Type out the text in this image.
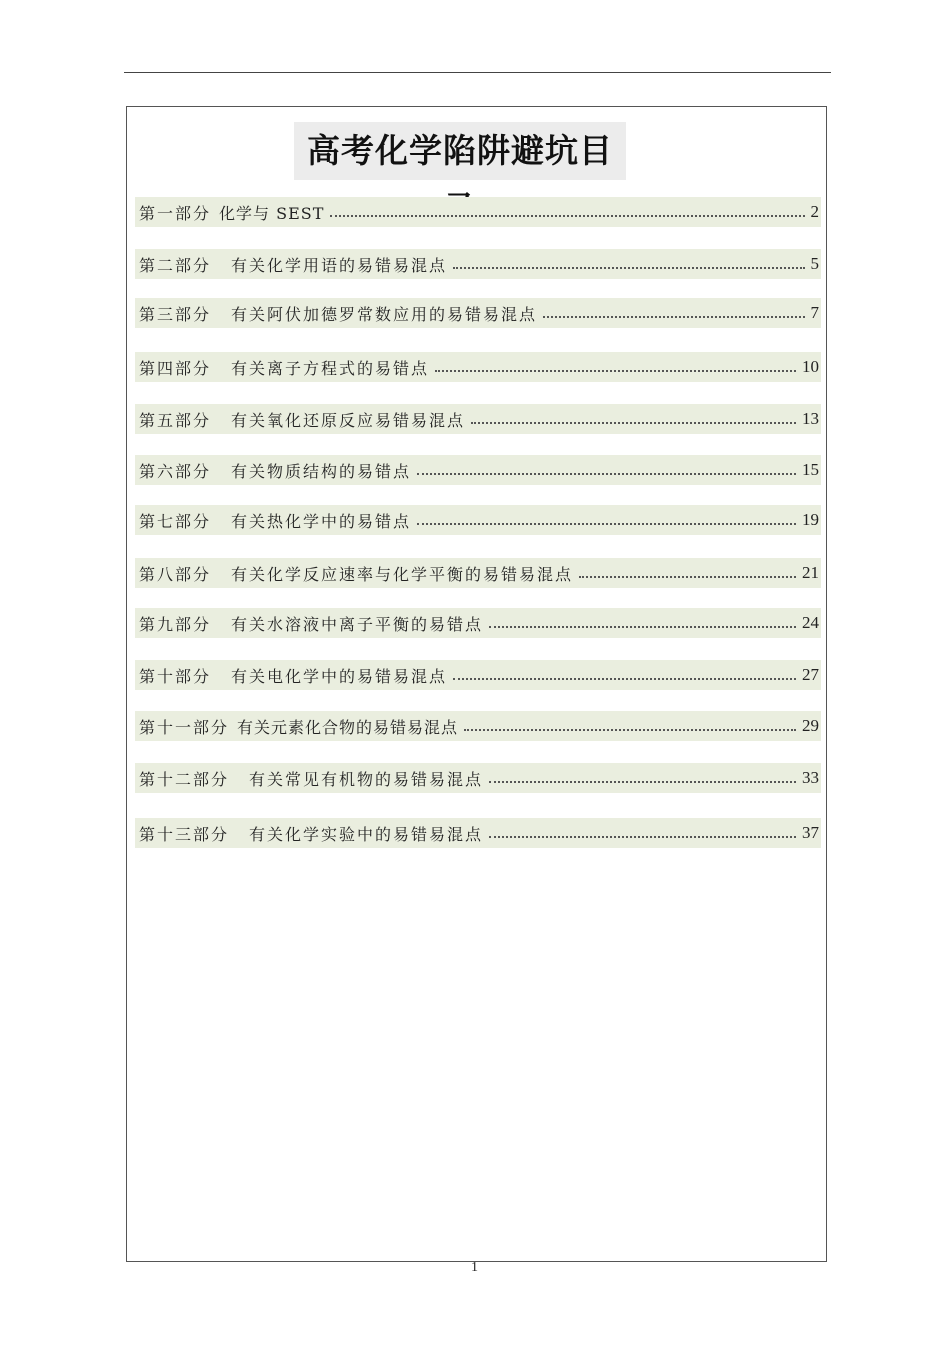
高考化学陷阱避坑目
第一部分 化学与 SEST	2
第二部分 有关化学用语的易错易混点	5
第三部分 有关阿伏加德罗常数应用的易错易混点	7
第四部分 有关离子方程式的易错点	10
第五部分 有关氧化还原反应易错易混点	13
第六部分 有关物质结构的易错点	15
第七部分 有关热化学中的易错点	19
第八部分 有关化学反应速率与化学平衡的易错易混点	21
第九部分 有关水溶液中离子平衡的易错点	24
第十部分 有关电化学中的易错易混点	27
第十一部分 有关元素化合物的易错易混点	29
第十二部分 有关常见有机物的易错易混点	33
第十三部分 有关化学实验中的易错易混点	37
1
